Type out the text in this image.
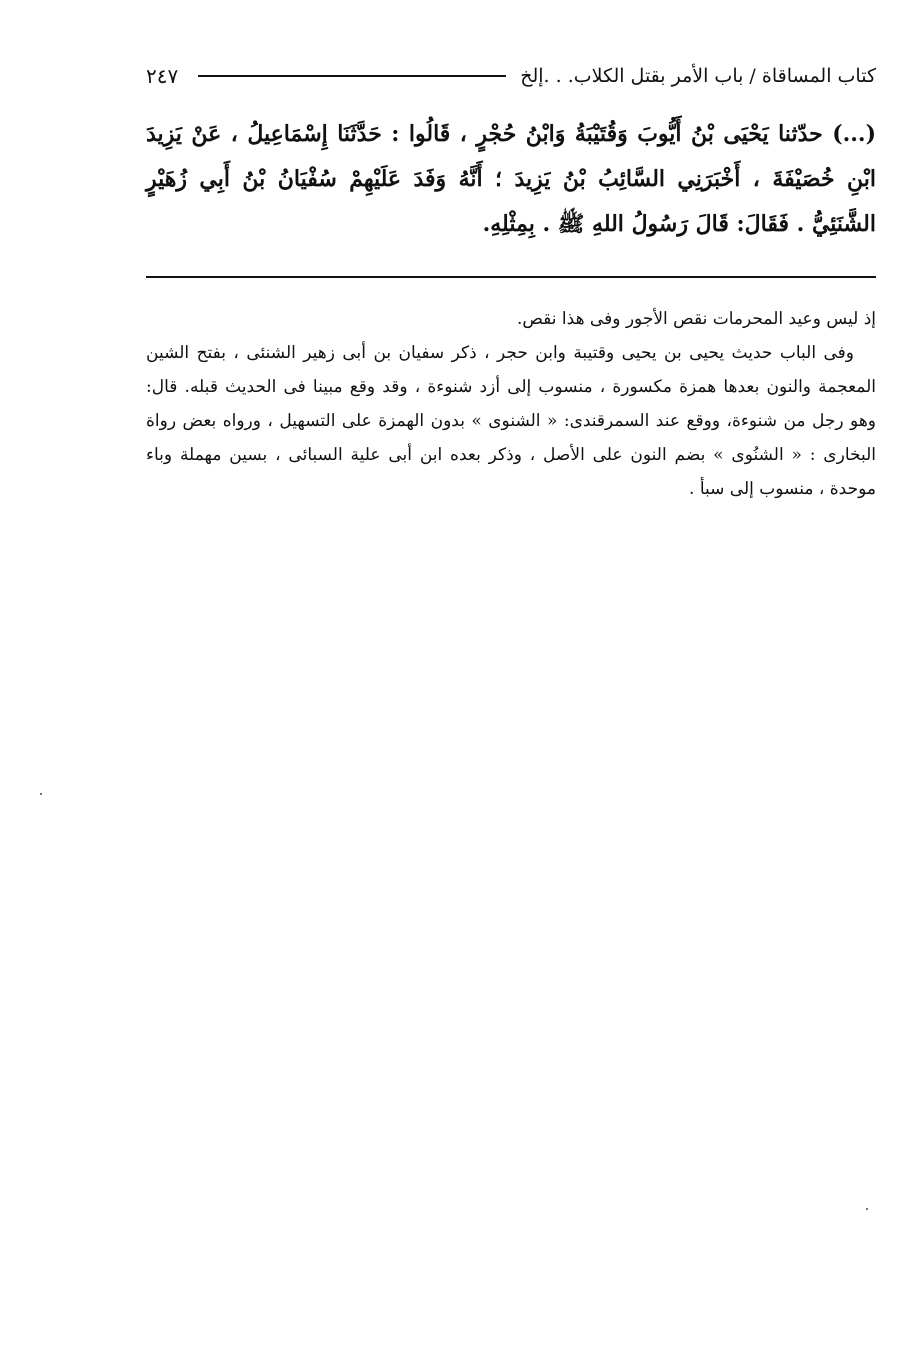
كتاب المساقاة / باب الأمر بقتل الكلاب. . .إلخ
٢٤٧
(...) حدّثنا يَحْيَى بْنُ أَيُّوبَ وَقُتَيْبَةُ وَابْنُ حُجْرٍ ، قَالُوا : حَدَّثَنَا إِسْمَاعِيلُ ، عَنْ يَزِيدَ ابْنِ خُصَيْفَةَ ، أَخْبَرَنِي السَّائِبُ بْنُ يَزِيدَ ؛ أَنَّهُ وَفَدَ عَلَيْهِمْ سُفْيَانُ بْنُ أَبِي زُهَيْرٍ الشَّنَئِيُّ . فَقَالَ: قَالَ رَسُولُ اللهِ ﷺ . بِمِثْلِهِ.

إذ ليس وعيد المحرمات نقص الأجور وفى هذا نقص.

وفى الباب حديث يحيى بن يحيى وقتيبة وابن حجر ، ذكر سفيان بن أبى زهير الشنئى ، بفتح الشين المعجمة والنون بعدها همزة مكسورة ، منسوب إلى أزد شنوءة ، وقد وقع مبينا فى الحديث قبله. قال: وهو رجل من شنوءة، ووقع عند السمرقندى: « الشنوى » بدون الهمزة على التسهيل ، ورواه بعض رواة البخارى : « الشنُوى » بضم النون على الأصل ، وذكر بعده ابن أبى علية السبائى ، بسين مهملة وباء موحدة ، منسوب إلى سبأ .
